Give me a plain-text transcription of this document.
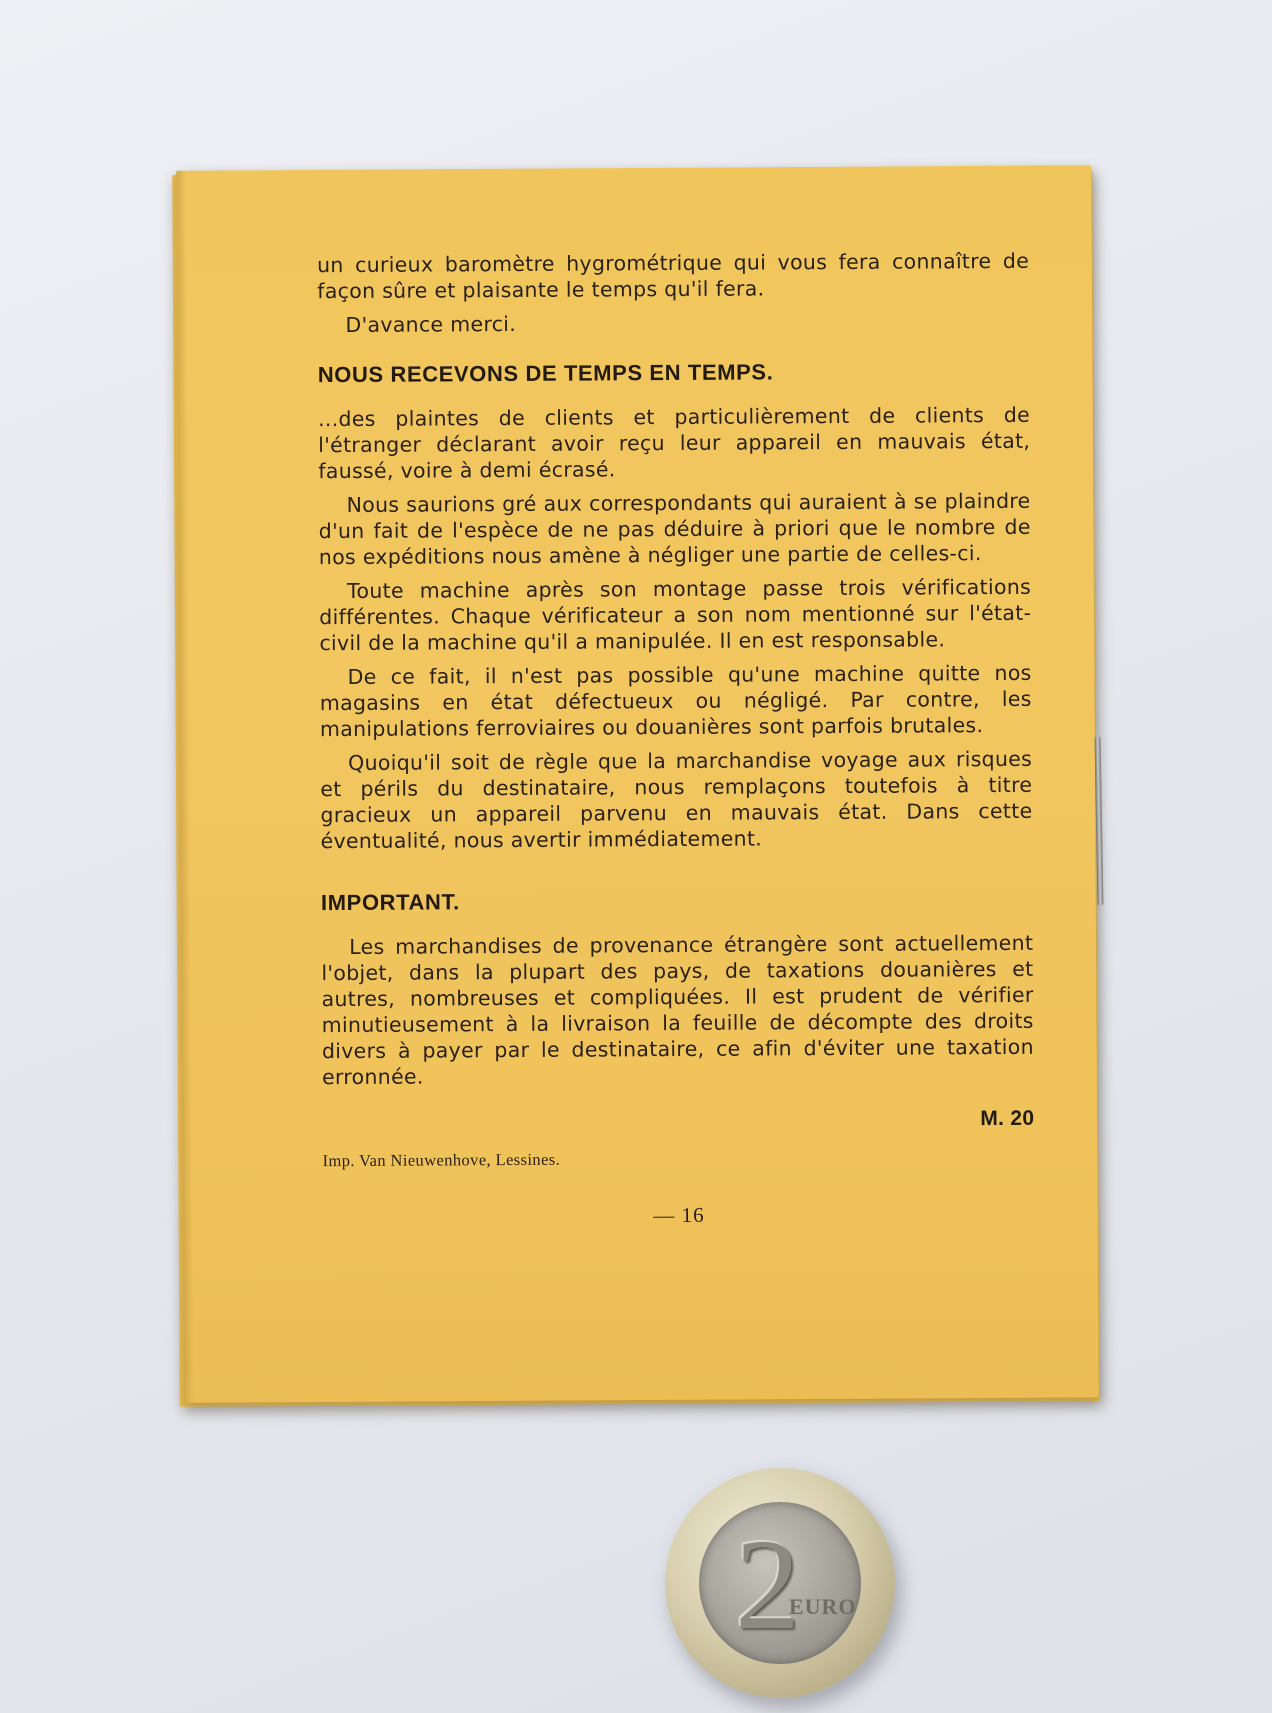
un curieux baromètre hygrométrique qui vous fera connaître de façon sûre et plaisante le temps qu'il fera.

D'avance merci.

NOUS RECEVONS DE TEMPS EN TEMPS.

...des plaintes de clients et particulièrement de clients de l'étranger déclarant avoir reçu leur appareil en mauvais état, faussé, voire à demi écrasé.

Nous saurions gré aux correspondants qui auraient à se plaindre d'un fait de l'espèce de ne pas déduire à priori que le nombre de nos expéditions nous amène à négliger une partie de celles-ci.

Toute machine après son montage passe trois vérifications différentes. Chaque vérificateur a son nom mentionné sur l'état-civil de la machine qu'il a manipulée. Il en est responsable.

De ce fait, il n'est pas possible qu'une machine quitte nos magasins en état défectueux ou négligé. Par contre, les manipulations ferroviaires ou douanières sont parfois brutales.

Quoiqu'il soit de règle que la marchandise voyage aux risques et périls du destinataire, nous remplaçons toutefois à titre gracieux un appareil parvenu en mauvais état. Dans cette éventualité, nous avertir immédiatement.

IMPORTANT.

Les marchandises de provenance étrangère sont actuellement l'objet, dans la plupart des pays, de taxations douanières et autres, nombreuses et compliquées. Il est prudent de vérifier minutieusement à la livraison la feuille de décompte des droits divers à payer par le destinataire, ce afin d'éviter une taxation erronnée.

M. 20
Imp. Van Nieuwenhove, Lessines.
— 16
2
EURO
